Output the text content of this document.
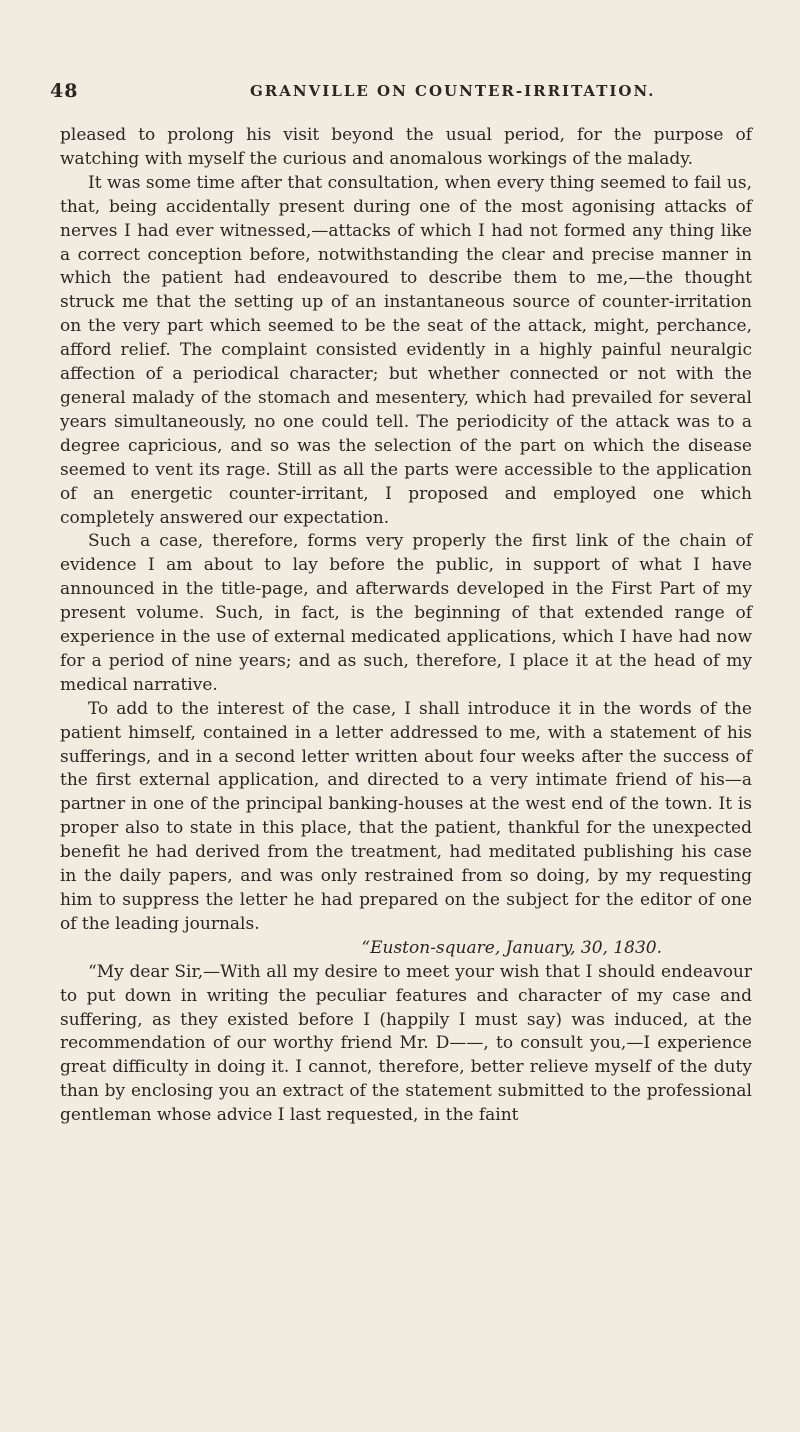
48	GRANVILLE ON COUNTER-IRRITATION.

pleased to prolong his visit beyond the usual period, for the purpose of watching with myself the curious and anomalous workings of the malady.

It was some time after that consultation, when every thing seemed to fail us, that, being accidentally present during one of the most agonising attacks of nerves I had ever witnessed,—attacks of which I had not formed any thing like a correct conception before, notwithstanding the clear and precise manner in which the patient had endeavoured to describe them to me,—the thought struck me that the setting up of an instantaneous source of counter-irritation on the very part which seemed to be the seat of the attack, might, perchance, afford relief. The complaint consisted evidently in a highly painful neuralgic affection of a periodical character; but whether connected or not with the general malady of the stomach and mesentery, which had prevailed for several years simultaneously, no one could tell. The periodicity of the attack was to a degree capricious, and so was the selection of the part on which the disease seemed to vent its rage. Still as all the parts were accessible to the application of an energetic counter-irritant, I proposed and employed one which completely answered our expectation.

Such a case, therefore, forms very properly the first link of the chain of evidence I am about to lay before the public, in support of what I have announced in the title-page, and afterwards developed in the First Part of my present volume. Such, in fact, is the beginning of that extended range of experience in the use of external medicated applications, which I have had now for a period of nine years; and as such, therefore, I place it at the head of my medical narrative.

To add to the interest of the case, I shall introduce it in the words of the patient himself, contained in a letter addressed to me, with a statement of his sufferings, and in a second letter written about four weeks after the success of the first external application, and directed to a very intimate friend of his—a partner in one of the principal banking-houses at the west end of the town. It is proper also to state in this place, that the patient, thankful for the unexpected benefit he had derived from the treatment, had meditated publishing his case in the daily papers, and was only restrained from so doing, by my requesting him to suppress the letter he had prepared on the subject for the editor of one of the leading journals.

“Euston-square, January, 30, 1830.

“My dear Sir,—With all my desire to meet your wish that I should endeavour to put down in writing the peculiar features and character of my case and suffering, as they existed before I (happily I must say) was induced, at the recommendation of our worthy friend Mr. D——, to consult you,—I experience great difficulty in doing it. I cannot, therefore, better relieve myself of the duty than by enclosing you an extract of the statement submitted to the professional gentleman whose advice I last requested, in the faint
